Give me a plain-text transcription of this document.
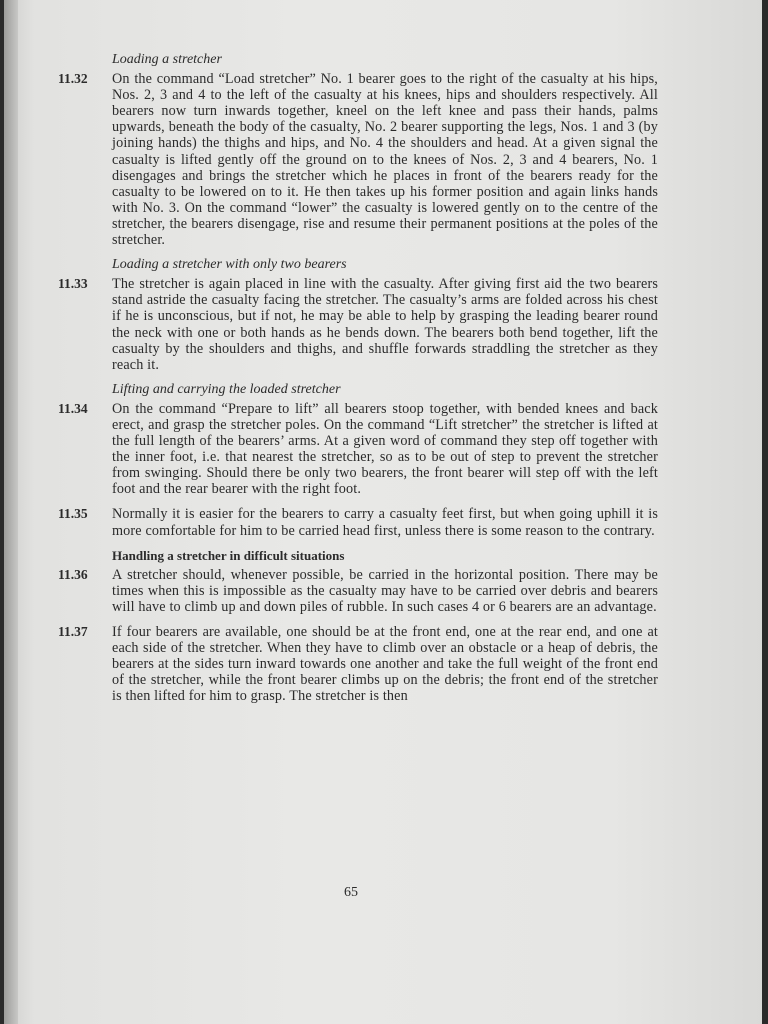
Loading a stretcher
11.32	On the command “Load stretcher” No. 1 bearer goes to the right of the casualty at his hips, Nos. 2, 3 and 4 to the left of the casualty at his knees, hips and shoulders respectively. All bearers now turn inwards together, kneel on the left knee and pass their hands, palms upwards, beneath the body of the casualty, No. 2 bearer supporting the legs, Nos. 1 and 3 (by joining hands) the thighs and hips, and No. 4 the shoulders and head. At a given signal the casualty is lifted gently off the ground on to the knees of Nos. 2, 3 and 4 bearers, No. 1 disengages and brings the stretcher which he places in front of the bearers ready for the casualty to be lowered on to it. He then takes up his former position and again links hands with No. 3. On the command “lower” the casualty is lowered gently on to the centre of the stretcher, the bearers disengage, rise and resume their permanent positions at the poles of the stretcher.
Loading a stretcher with only two bearers
11.33	The stretcher is again placed in line with the casualty. After giving first aid the two bearers stand astride the casualty facing the stretcher. The casualty’s arms are folded across his chest if he is unconscious, but if not, he may be able to help by grasping the leading bearer round the neck with one or both hands as he bends down. The bearers both bend together, lift the casualty by the shoulders and thighs, and shuffle forwards straddling the stretcher as they reach it.
Lifting and carrying the loaded stretcher
11.34	On the command “Prepare to lift” all bearers stoop together, with bended knees and back erect, and grasp the stretcher poles. On the command “Lift stretcher” the stretcher is lifted at the full length of the bearers’ arms. At a given word of command they step off together with the inner foot, i.e. that nearest the stretcher, so as to be out of step to prevent the stretcher from swinging. Should there be only two bearers, the front bearer will step off with the left foot and the rear bearer with the right foot.
11.35	Normally it is easier for the bearers to carry a casualty feet first, but when going uphill it is more comfortable for him to be carried head first, unless there is some reason to the contrary.
Handling a stretcher in difficult situations
11.36	A stretcher should, whenever possible, be carried in the horizontal position. There may be times when this is impossible as the casualty may have to be carried over debris and bearers will have to climb up and down piles of rubble. In such cases 4 or 6 bearers are an advantage.
11.37	If four bearers are available, one should be at the front end, one at the rear end, and one at each side of the stretcher. When they have to climb over an obstacle or a heap of debris, the bearers at the sides turn inward towards one another and take the full weight of the front end of the stretcher, while the front bearer climbs up on the debris; the front end of the stretcher is then lifted for him to grasp. The stretcher is then
65
